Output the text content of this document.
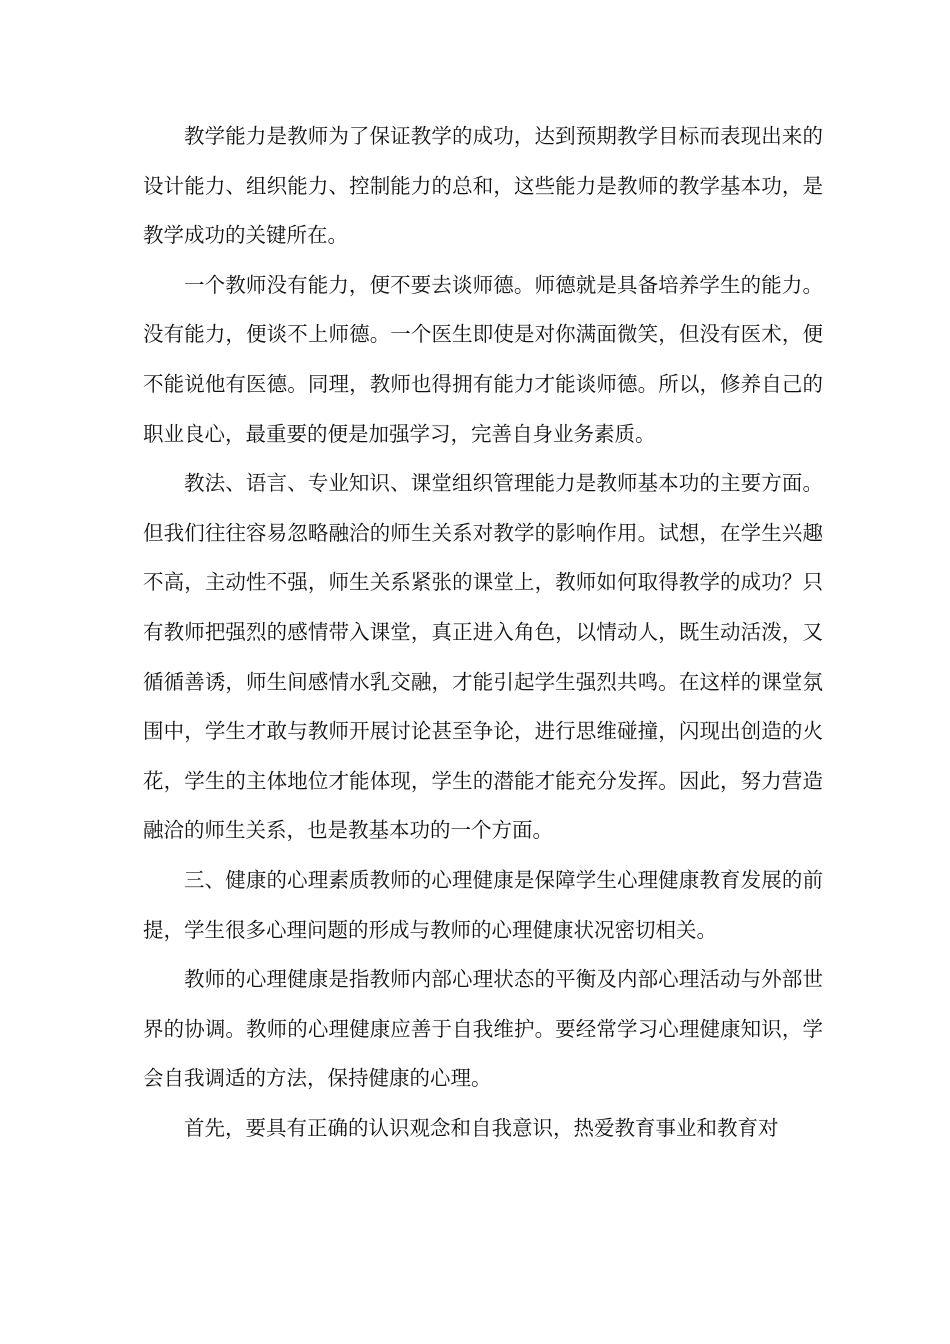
教学能力是教师为了保证教学的成功，达到预期教学目标而表现出来的设计能力、组织能力、控制能力的总和，这些能力是教师的教学基本功，是教学成功的关键所在。

一个教师没有能力，便不要去谈师德。师德就是具备培养学生的能力。没有能力，便谈不上师德。一个医生即使是对你满面微笑，但没有医术，便不能说他有医德。同理，教师也得拥有能力才能谈师德。所以，修养自己的职业良心，最重要的便是加强学习，完善自身业务素质。

教法、语言、专业知识、课堂组织管理能力是教师基本功的主要方面。但我们往往容易忽略融洽的师生关系对教学的影响作用。试想，在学生兴趣不高，主动性不强，师生关系紧张的课堂上，教师如何取得教学的成功？只有教师把强烈的感情带入课堂，真正进入角色，以情动人，既生动活泼，又循循善诱，师生间感情水乳交融，才能引起学生强烈共鸣。在这样的课堂氛围中，学生才敢与教师开展讨论甚至争论，进行思维碰撞，闪现出创造的火花，学生的主体地位才能体现，学生的潜能才能充分发挥。因此，努力营造融洽的师生关系，也是教基本功的一个方面。

三、健康的心理素质教师的心理健康是保障学生心理健康教育发展的前提，学生很多心理问题的形成与教师的心理健康状况密切相关。

教师的心理健康是指教师内部心理状态的平衡及内部心理活动与外部世界的协调。教师的心理健康应善于自我维护。要经常学习心理健康知识，学会自我调适的方法，保持健康的心理。

首先，要具有正确的认识观念和自我意识，热爱教育事业和教育对
